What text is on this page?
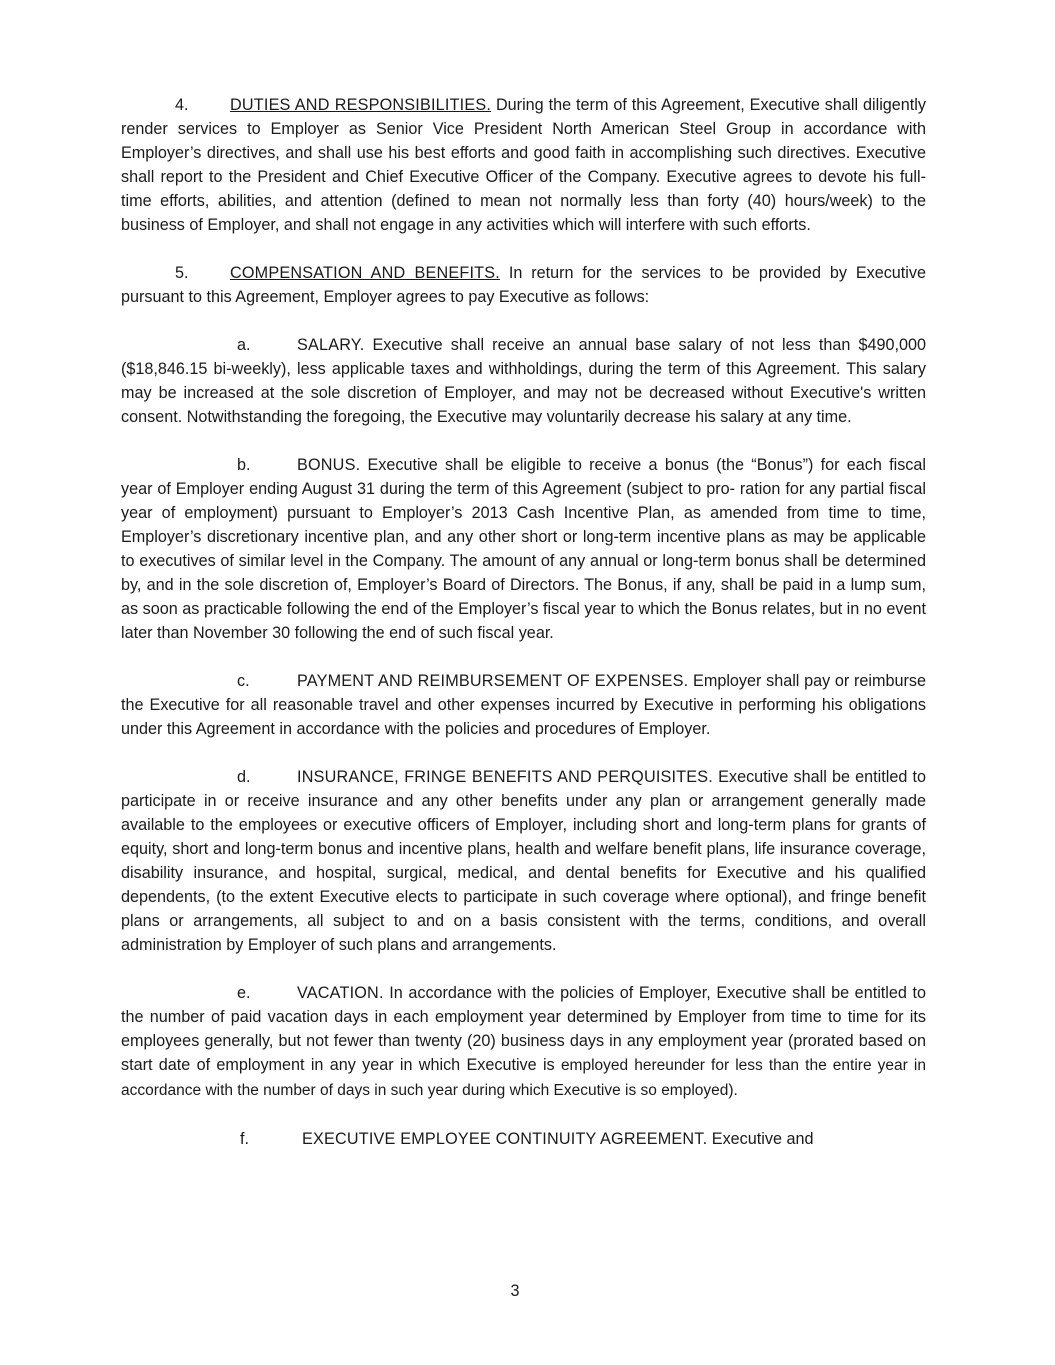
4.	DUTIES AND RESPONSIBILITIES. During the term of this Agreement, Executive shall diligently render services to Employer as Senior Vice President North American Steel Group in accordance with Employer’s directives, and shall use his best efforts and good faith in accomplishing such directives. Executive shall report to the President and Chief Executive Officer of the Company. Executive agrees to devote his full-time efforts, abilities, and attention (defined to mean not normally less than forty (40) hours/week) to the business of Employer, and shall not engage in any activities which will interfere with such efforts.

5.	COMPENSATION AND BENEFITS. In return for the services to be provided by Executive pursuant to this Agreement, Employer agrees to pay Executive as follows:

a.	SALARY. Executive shall receive an annual base salary of not less than $490,000 ($18,846.15 bi-weekly), less applicable taxes and withholdings, during the term of this Agreement. This salary may be increased at the sole discretion of Employer, and may not be decreased without Executive's written consent. Notwithstanding the foregoing, the Executive may voluntarily decrease his salary at any time.

b.	BONUS. Executive shall be eligible to receive a bonus (the “Bonus”) for each fiscal year of Employer ending August 31 during the term of this Agreement (subject to pro- ration for any partial fiscal year of employment) pursuant to Employer’s 2013 Cash Incentive Plan, as amended from time to time, Employer’s discretionary incentive plan, and any other short or long-term incentive plans as may be applicable to executives of similar level in the Company. The amount of any annual or long-term bonus shall be determined by, and in the sole discretion of, Employer’s Board of Directors. The Bonus, if any, shall be paid in a lump sum, as soon as practicable following the end of the Employer’s fiscal year to which the Bonus relates, but in no event later than November 30 following the end of such fiscal year.

c.	PAYMENT AND REIMBURSEMENT OF EXPENSES. Employer shall pay or reimburse the Executive for all reasonable travel and other expenses incurred by Executive in performing his obligations under this Agreement in accordance with the policies and procedures of Employer.

d.	INSURANCE, FRINGE BENEFITS AND PERQUISITES. Executive shall be entitled to participate in or receive insurance and any other benefits under any plan or arrangement generally made available to the employees or executive officers of Employer, including short and long-term plans for grants of equity, short and long-term bonus and incentive plans, health and welfare benefit plans, life insurance coverage, disability insurance, and hospital, surgical, medical, and dental benefits for Executive and his qualified dependents, (to the extent Executive elects to participate in such coverage where optional), and fringe benefit plans or arrangements, all subject to and on a basis consistent with the terms, conditions, and overall administration by Employer of such plans and arrangements.

e.	VACATION. In accordance with the policies of Employer, Executive shall be entitled to the number of paid vacation days in each employment year determined by Employer from time to time for its employees generally, but not fewer than twenty (20) business days in any employment year (prorated based on start date of employment in any year in which Executive is employed hereunder for less than the entire year in accordance with the number of days in such year during which Executive is so employed).

f.	EXECUTIVE EMPLOYEE CONTINUITY AGREEMENT. Executive and

3
